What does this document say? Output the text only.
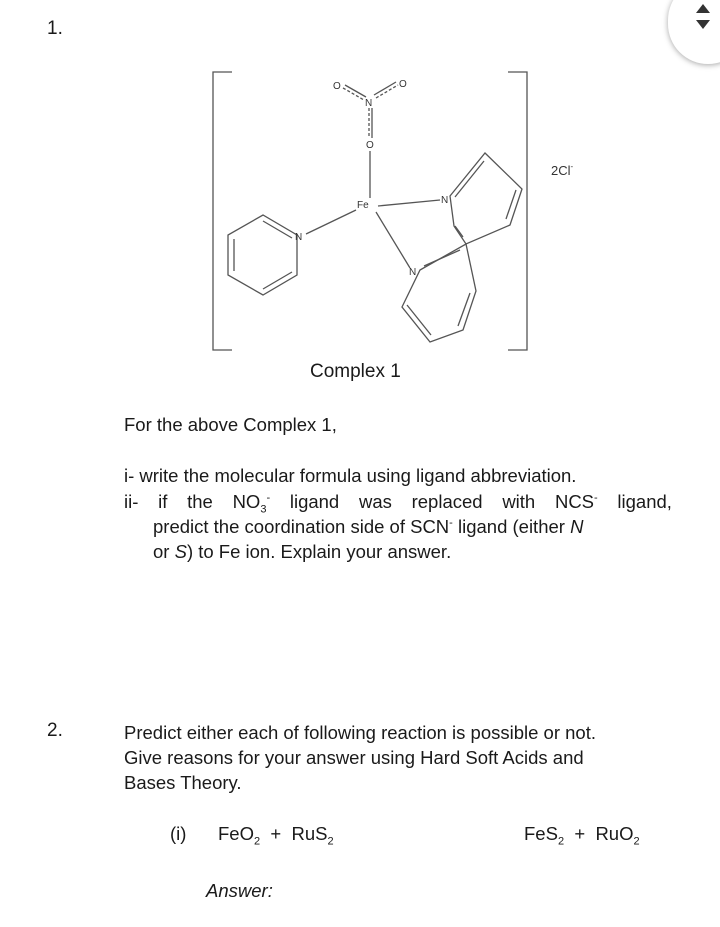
1.
O
N
O
O
Fe	N
N
N
2Cl-
Complex 1
For the above Complex 1,
i- write the molecular formula using ligand abbreviation.
ii- if the $NO_3^-$ ligand was replaced with NCS- ligand,
predict the coordination side of SCN- ligand (either N
or S) to Fe ion. Explain your answer.
2.	Predict either each of following reaction is possible or not.
Give reasons for your answer using Hard Soft Acids and
Bases Theory.
(i) FeO$_2$ + RuS$_2$	FeS$_2$ + RuO$_2$
Answer:
